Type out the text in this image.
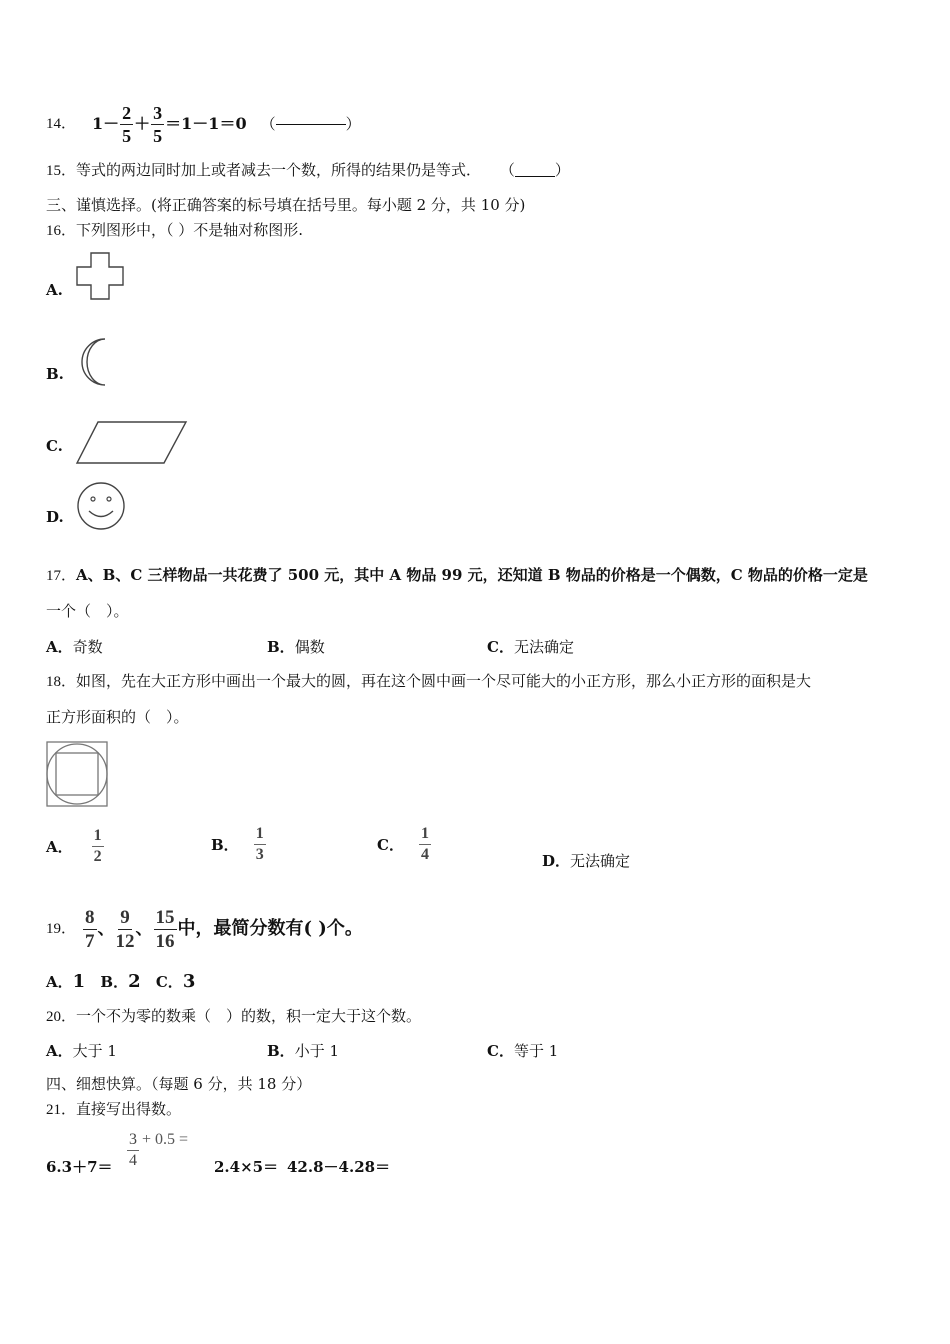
14． $1- \frac{2}{5} + \frac{3}{5} =1-1=0$ （	）
15．等式的两边同时加上或者减去一个数，所得的结果仍是等式． （	）
三、谨慎选择。(将正确答案的标号填在括号里。每小题 2 分，共 10 分)
16．下列图形中，（ ）不是轴对称图形.
A.
B.
C.
D.
17．A、B、C 三样物品一共花费了 500 元，其中 A 物品 99 元，还知道 B 物品的价格是一个偶数，C 物品的价格一定是
一个（　）。
A．奇数	B．偶数	C．无法确定
18．如图，先在大正方形中画出一个最大的圆，再在这个圆中画一个尽可能大的小正方形，那么小正方形的面积是大
正方形面积的（　）。
A． $\frac{1}{2}$	B． $\frac{1}{3}$	C． $\frac{1}{4}$	D．无法确定
19． $\frac{8}{7}$ 、 $\frac{9}{12}$ 、 $\frac{15}{16}$ 中，最简分数有( )个。
A．1 B．2 C．3
20．一个不为零的数乘（　）的数，积一定大于这个数。
A．大于 1	B．小于 1	C．等于 1
四、细想快算。（每题 6 分，共 18 分）
21．直接写出得数。
$6.3+7= \frac{3}{4} + 0.5$ =
2.4×5＝ 42.8－4.28＝
